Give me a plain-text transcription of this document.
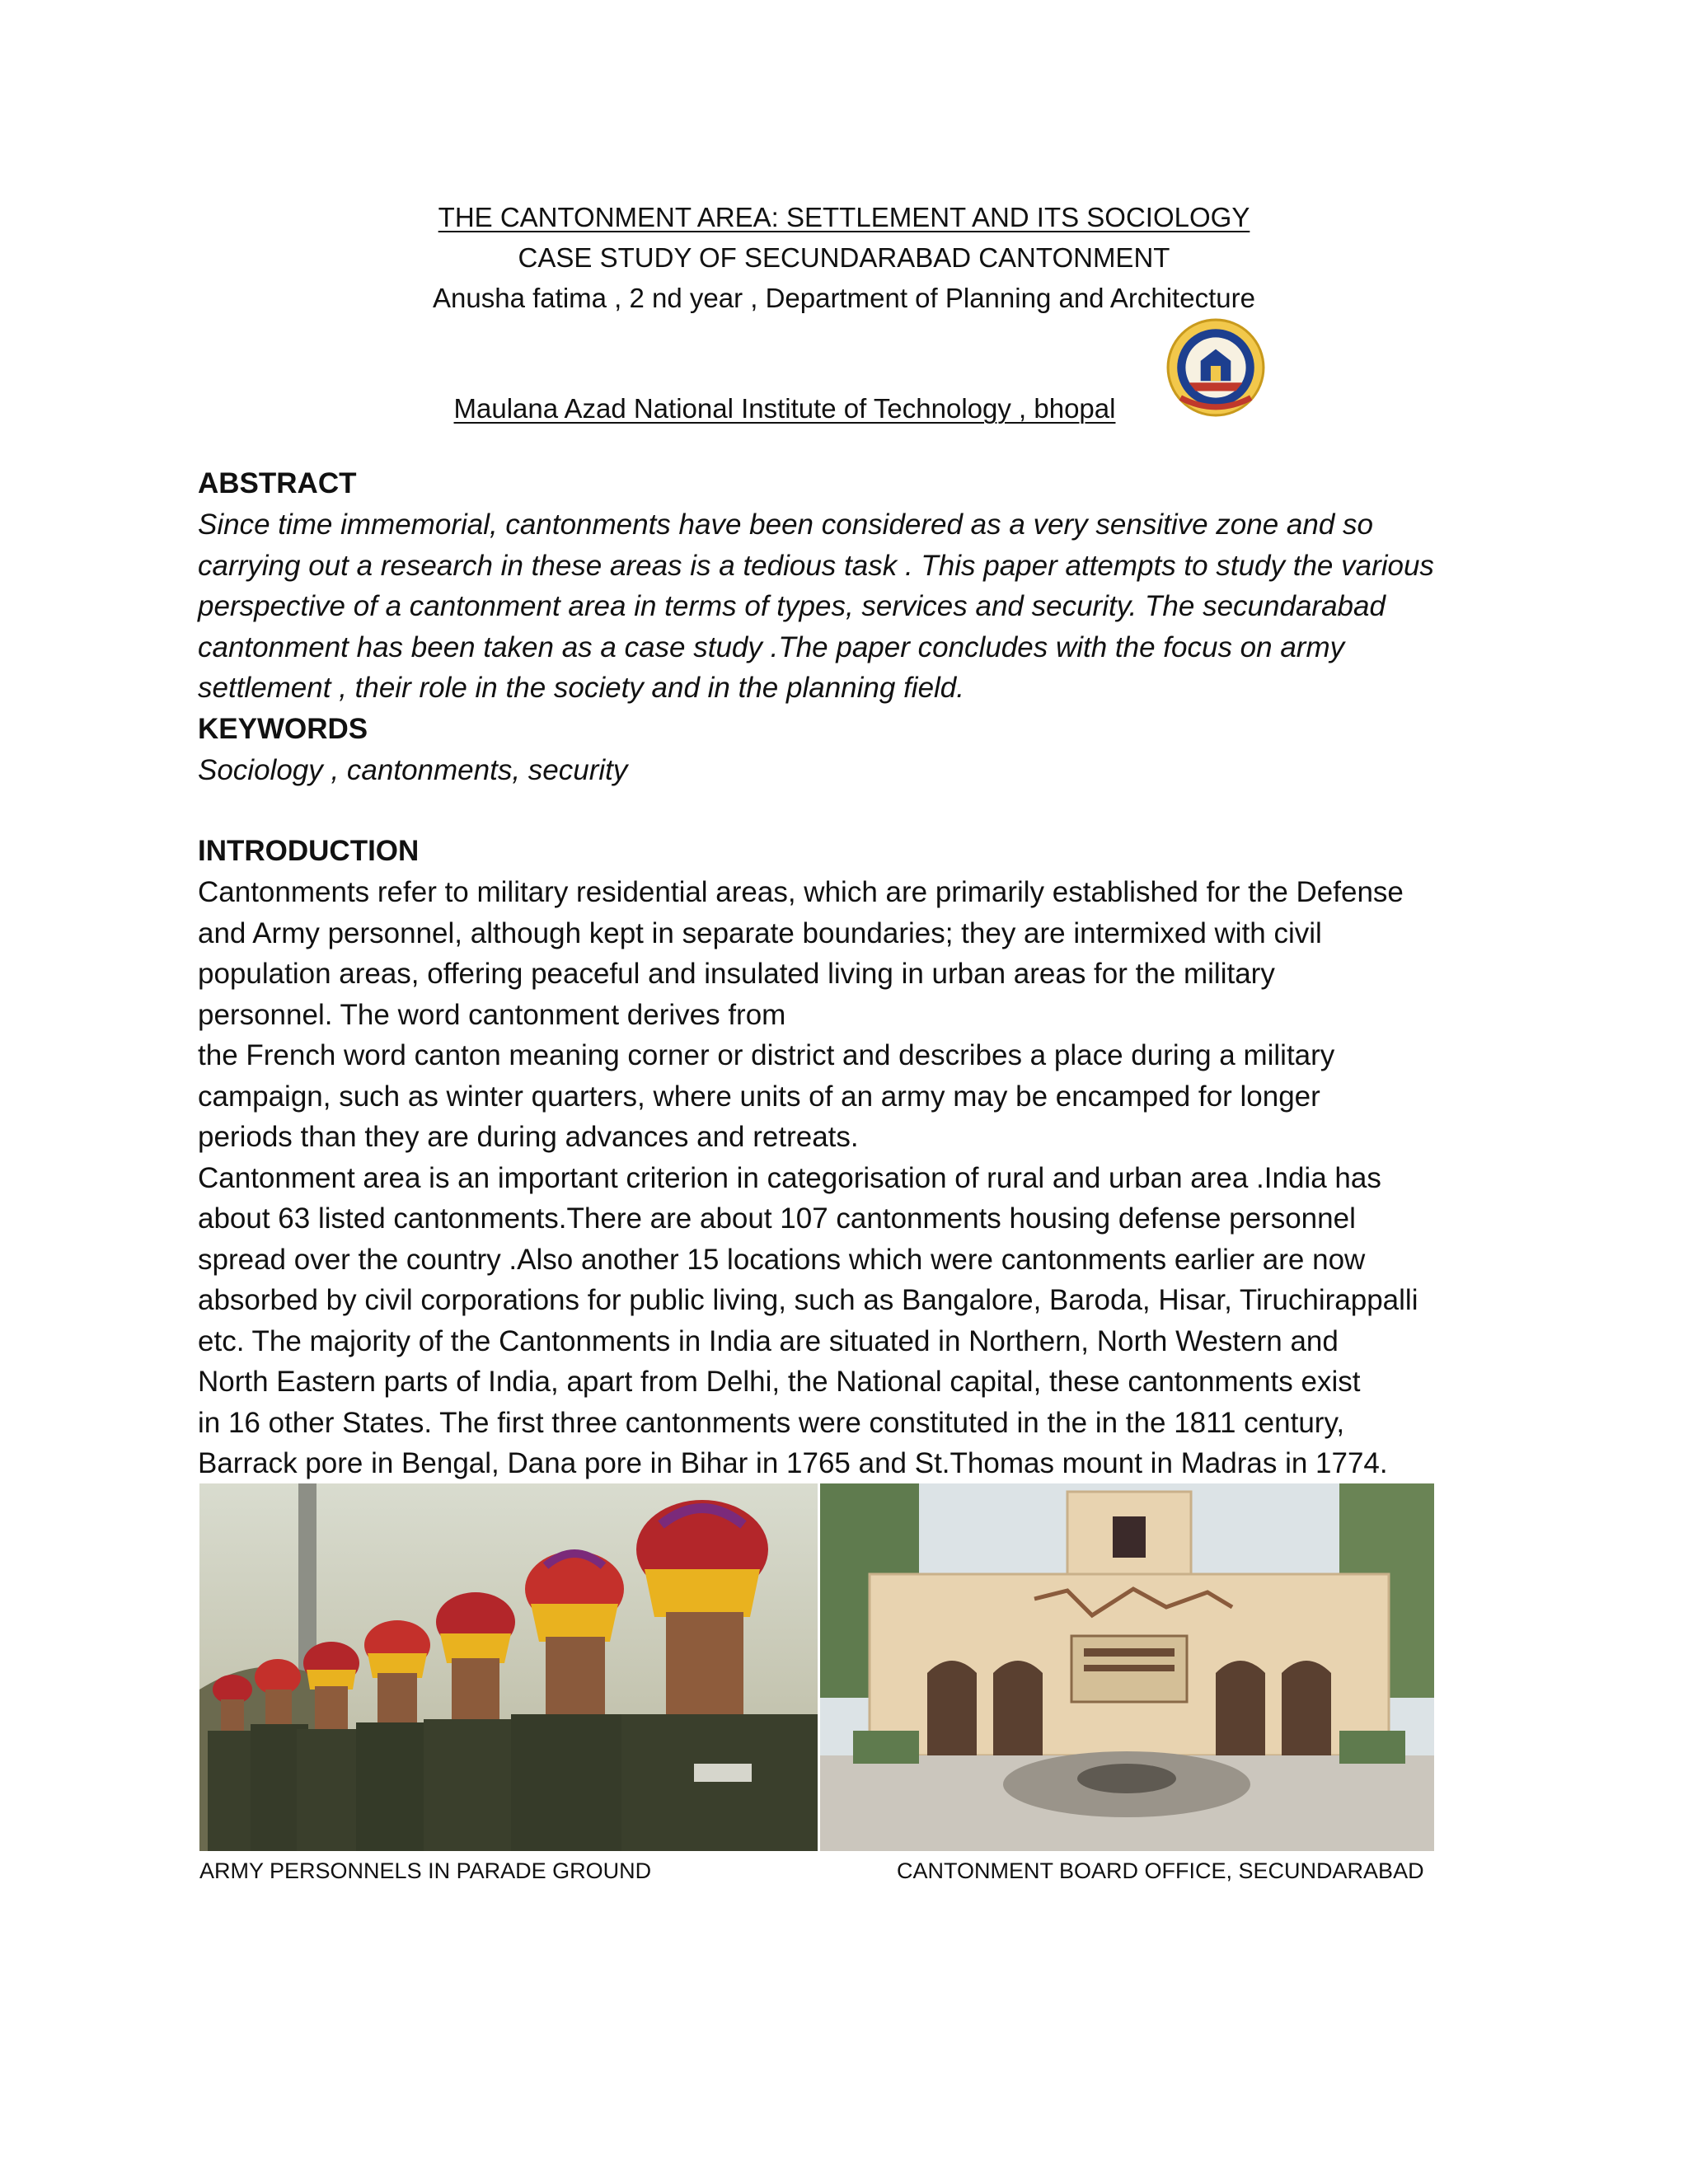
THE CANTONMENT AREA: SETTLEMENT AND ITS SOCIOLOGY
CASE STUDY OF SECUNDARABAD CANTONMENT
Anusha fatima , 2 nd year , Department of Planning and Architecture
Maulana Azad National Institute of Technology , bhopal

ABSTRACT

Since time immemorial, cantonments have been considered as a very sensitive zone and so
carrying out a research in these areas is a tedious task . This paper attempts to study the various
perspective of a cantonment area in terms of types, services and security. The secundarabad
cantonment has been taken as a case study .The paper concludes with the focus on army
settlement , their role in the society and in the planning field.

KEYWORDS

Sociology , cantonments, security

INTRODUCTION

Cantonments refer to military residential areas, which are primarily established for the Defense
and Army personnel, although kept in separate boundaries; they are intermixed with civil
population areas, offering peaceful and insulated living in urban areas for the military
personnel. The word cantonment derives from
the French word canton meaning corner or district and describes a place during a military
campaign, such as winter quarters, where units of an army may be encamped for longer
periods than they are during advances and retreats.
Cantonment area is an important criterion in categorisation of rural and urban area .India has
about 63 listed cantonments.There are about 107 cantonments housing defense personnel
spread over the country .Also another 15 locations which were cantonments earlier are now
absorbed by civil corporations for public living, such as Bangalore, Baroda, Hisar, Tiruchirappalli
etc. The majority of the Cantonments in India are situated in Northern, North Western and
North Eastern parts of India, apart from Delhi, the National capital, these cantonments exist
in 16 other States. The first three cantonments were constituted in the in the 1811 century,
Barrack pore in Bengal, Dana pore in Bihar in 1765 and St.Thomas mount in Madras in 1774.

ARMY PERSONNELS IN PARADE GROUND	CANTONMENT BOARD OFFICE, SECUNDARABAD
